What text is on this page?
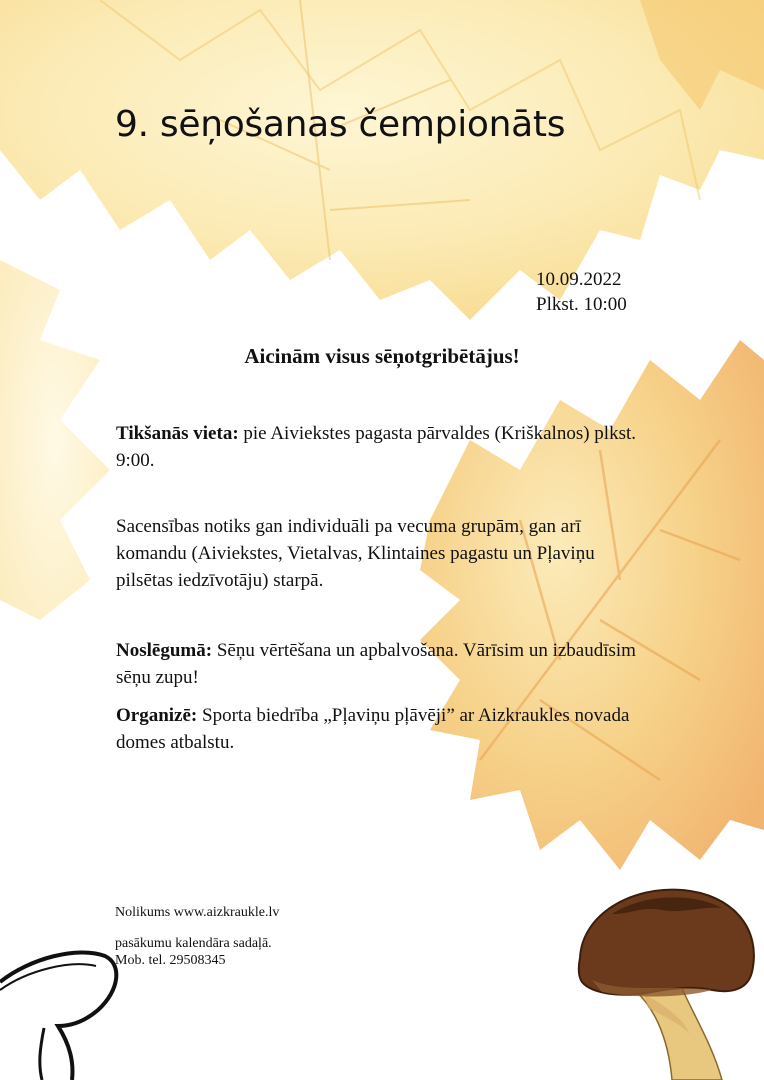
9. sēņošanas čempionāts
10.09.2022
Plkst. 10:00
Aicinām visus sēņotgribētājus!
Tikšanās vieta: pie Aiviekstes pagasta pārvaldes (Kriškalnos) plkst. 9:00.
Sacensības notiks gan individuāli pa vecuma grupām, gan arī komandu (Aiviekstes, Vietalvas, Klintaines pagastu un Pļaviņu pilsētas iedzīvotāju) starpā.
Noslēgumā: Sēņu vērtēšana un apbalvošana. Vārīsim un izbaudīsim sēņu zupu!
Organizē: Sporta biedrība „Pļaviņu pļāvēji” ar Aizkraukles novada domes atbalstu.
Nolikums www.aizkraukle.lv
pasākumu kalendāra sadaļā.
Mob. tel. 29508345
